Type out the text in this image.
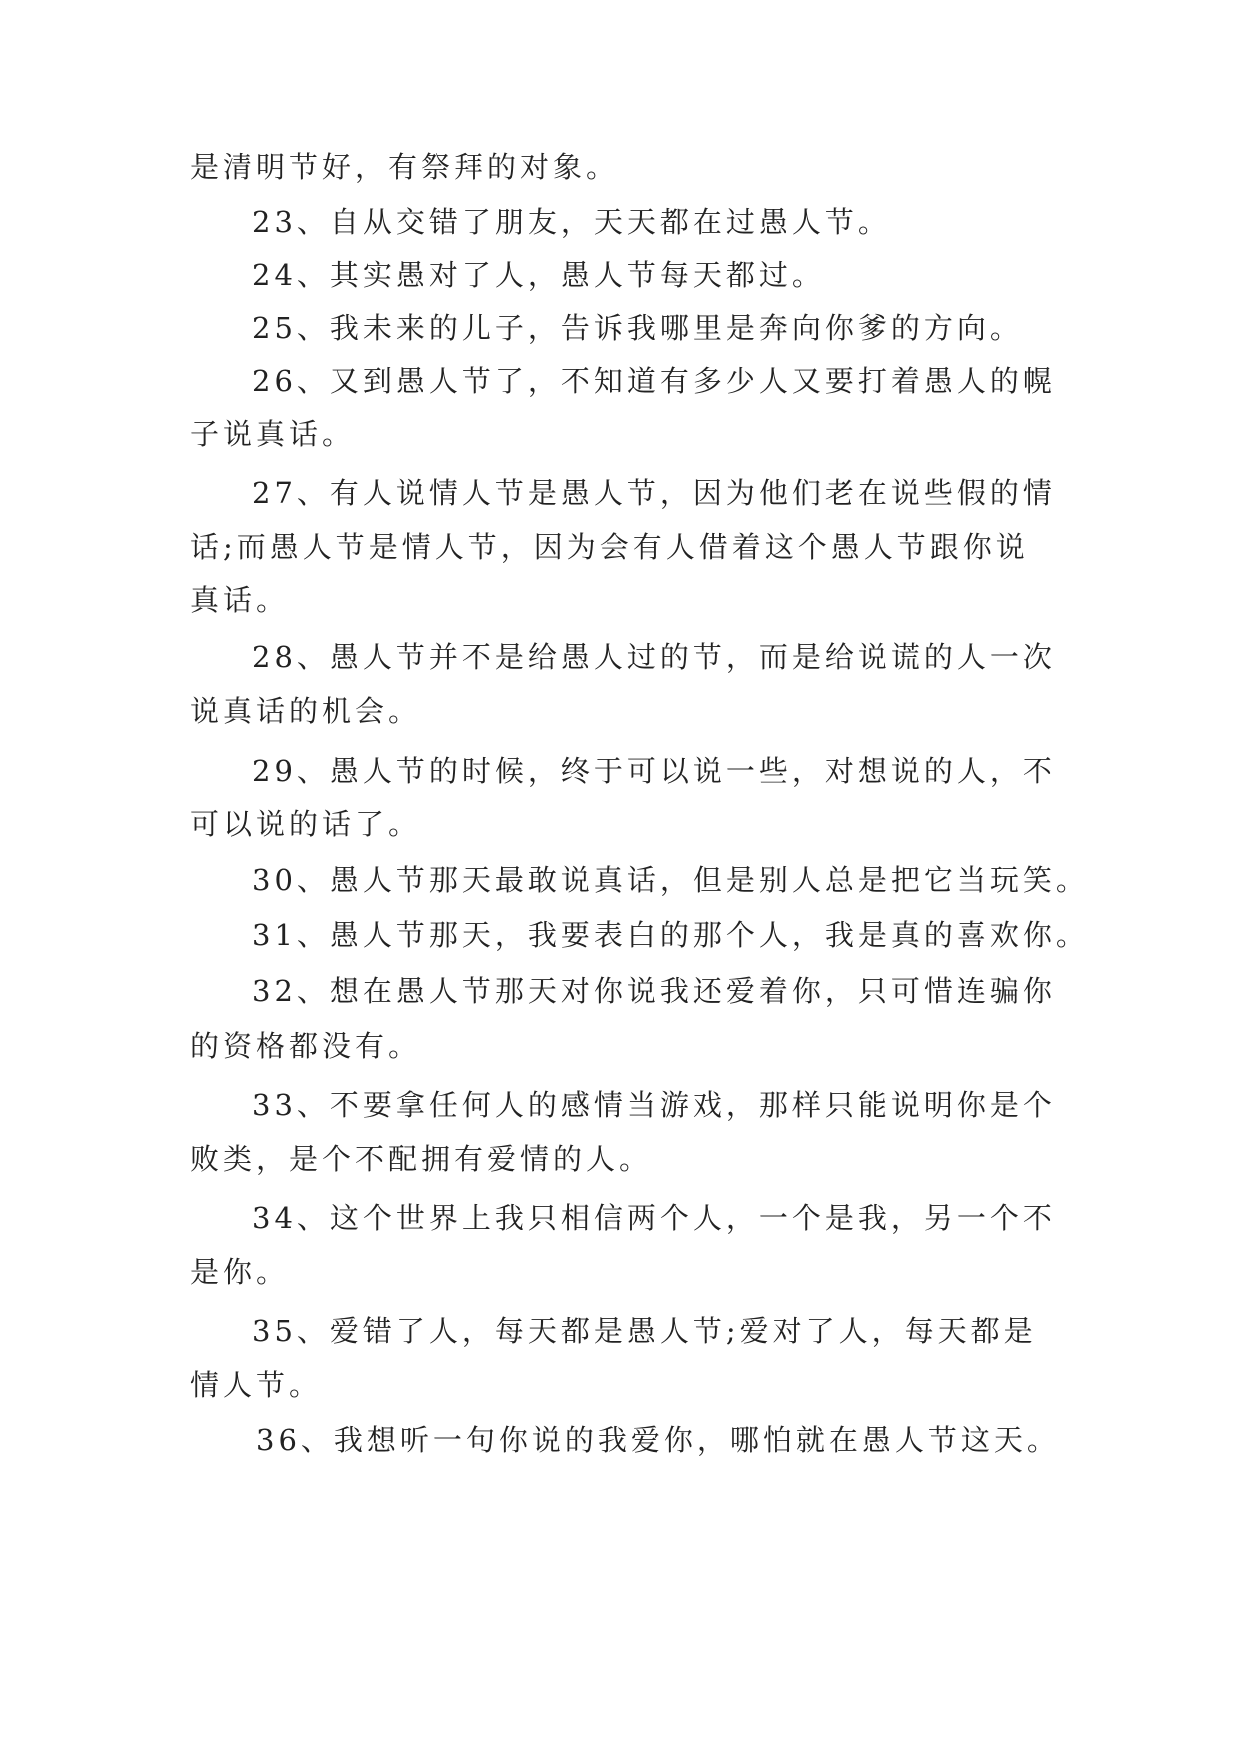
是清明节好，有祭拜的对象。
23、自从交错了朋友，天天都在过愚人节。
24、其实愚对了人，愚人节每天都过。
25、我未来的儿子，告诉我哪里是奔向你爹的方向。
26、又到愚人节了，不知道有多少人又要打着愚人的幌
子说真话。
27、有人说情人节是愚人节，因为他们老在说些假的情
话;而愚人节是情人节，因为会有人借着这个愚人节跟你说
真话。
28、愚人节并不是给愚人过的节，而是给说谎的人一次
说真话的机会。
29、愚人节的时候，终于可以说一些，对想说的人，不
可以说的话了。
30、愚人节那天最敢说真话，但是别人总是把它当玩笑。
31、愚人节那天，我要表白的那个人，我是真的喜欢你。
32、想在愚人节那天对你说我还爱着你，只可惜连骗你
的资格都没有。
33、不要拿任何人的感情当游戏，那样只能说明你是个
败类，是个不配拥有爱情的人。
34、这个世界上我只相信两个人，一个是我，另一个不
是你。
35、爱错了人，每天都是愚人节;爱对了人，每天都是
情人节。
36、我想听一句你说的我爱你，哪怕就在愚人节这天。
